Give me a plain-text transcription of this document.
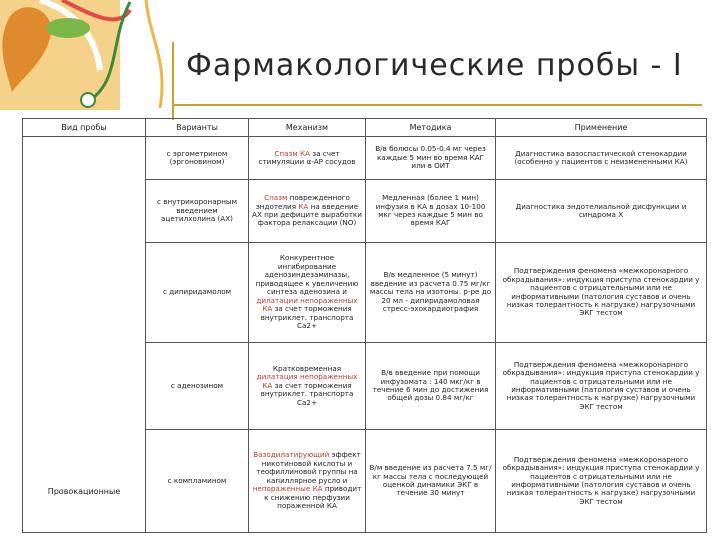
Фармакологические пробы - I
Вид пробы	Варианты	Механизм	Методика	Применение
Провокационные	с эргометрином (эргоновином)	Спазм КА за счет стимуляции α-АР сосудов	В/в болюсы 0.05-0.4 мг через каждые 5 мин во время КАГ или в ОИТ	Диагностика вазоспастической стенокардии (особенно у пациентов с неизмененными КА)
	с внутрикоронарным введением ацетилхолина (АХ)	Спазм поврежденного эндотелия КА на введение АХ при дефиците выработки фактора релаксации (NO)	Медленная (более 1 мин) инфузия в КА в дозах 10-100 мкг через каждые 5 мин во время КАГ	Диагностика эндотелиальной дисфункции и синдрома Х
	с дипиридамолом	Конкурентное ингибирование аденозиндезаминазы, приводящее к увеличению синтеза аденозина и дилатации непораженных КА за счет торможения внутриклет. транспорта Са2+	В/в медленное (5 минут) введение из расчета 0.75 мг/кг массы тела на изотоны. р-ре до 20 мл - дипиридамоловая стресс-эхокардиография	Подтверждения феномена «межкоронарного обкрадывания»: индукция приступа стенокардии у пациентов с отрицательными или не информативными (патология суставов и очень низкая толерантность к нагрузке) нагрузочными ЭКГ тестом
	с аденозином	Кратковременная дилатация непораженных КА за счет торможения внутриклет. транспорта Са2+	В/в введение при помощи инфузомата : 140 мкг/кг в течение 6 мин до достижения общей дозы 0.84 мг/кг	Подтверждения феномена «межкоронарного обкрадывания»: индукция приступа стенокардии у пациентов с отрицательными или не информативными (патология суставов и очень низкая толерантность к нагрузке) нагрузочными ЭКГ тестом
	с компламином	Вазодилатирующий эффект никотиновой кислоты и теофиллиновой группы на капиллярное русло и непораженные КА приводит к снижению перфузии пораженной КА	В/м введение из расчета 7.5 мг/кг массы тела с последующей оценкой динамики ЭКГ в течение 30 минут	Подтверждения феномена «межкоронарного обкрадывания»: индукция приступа стенокардии у пациентов с отрицательными или не информативными (патология суставов и очень низкая толерантность к нагрузке) нагрузочными ЭКГ тестом
